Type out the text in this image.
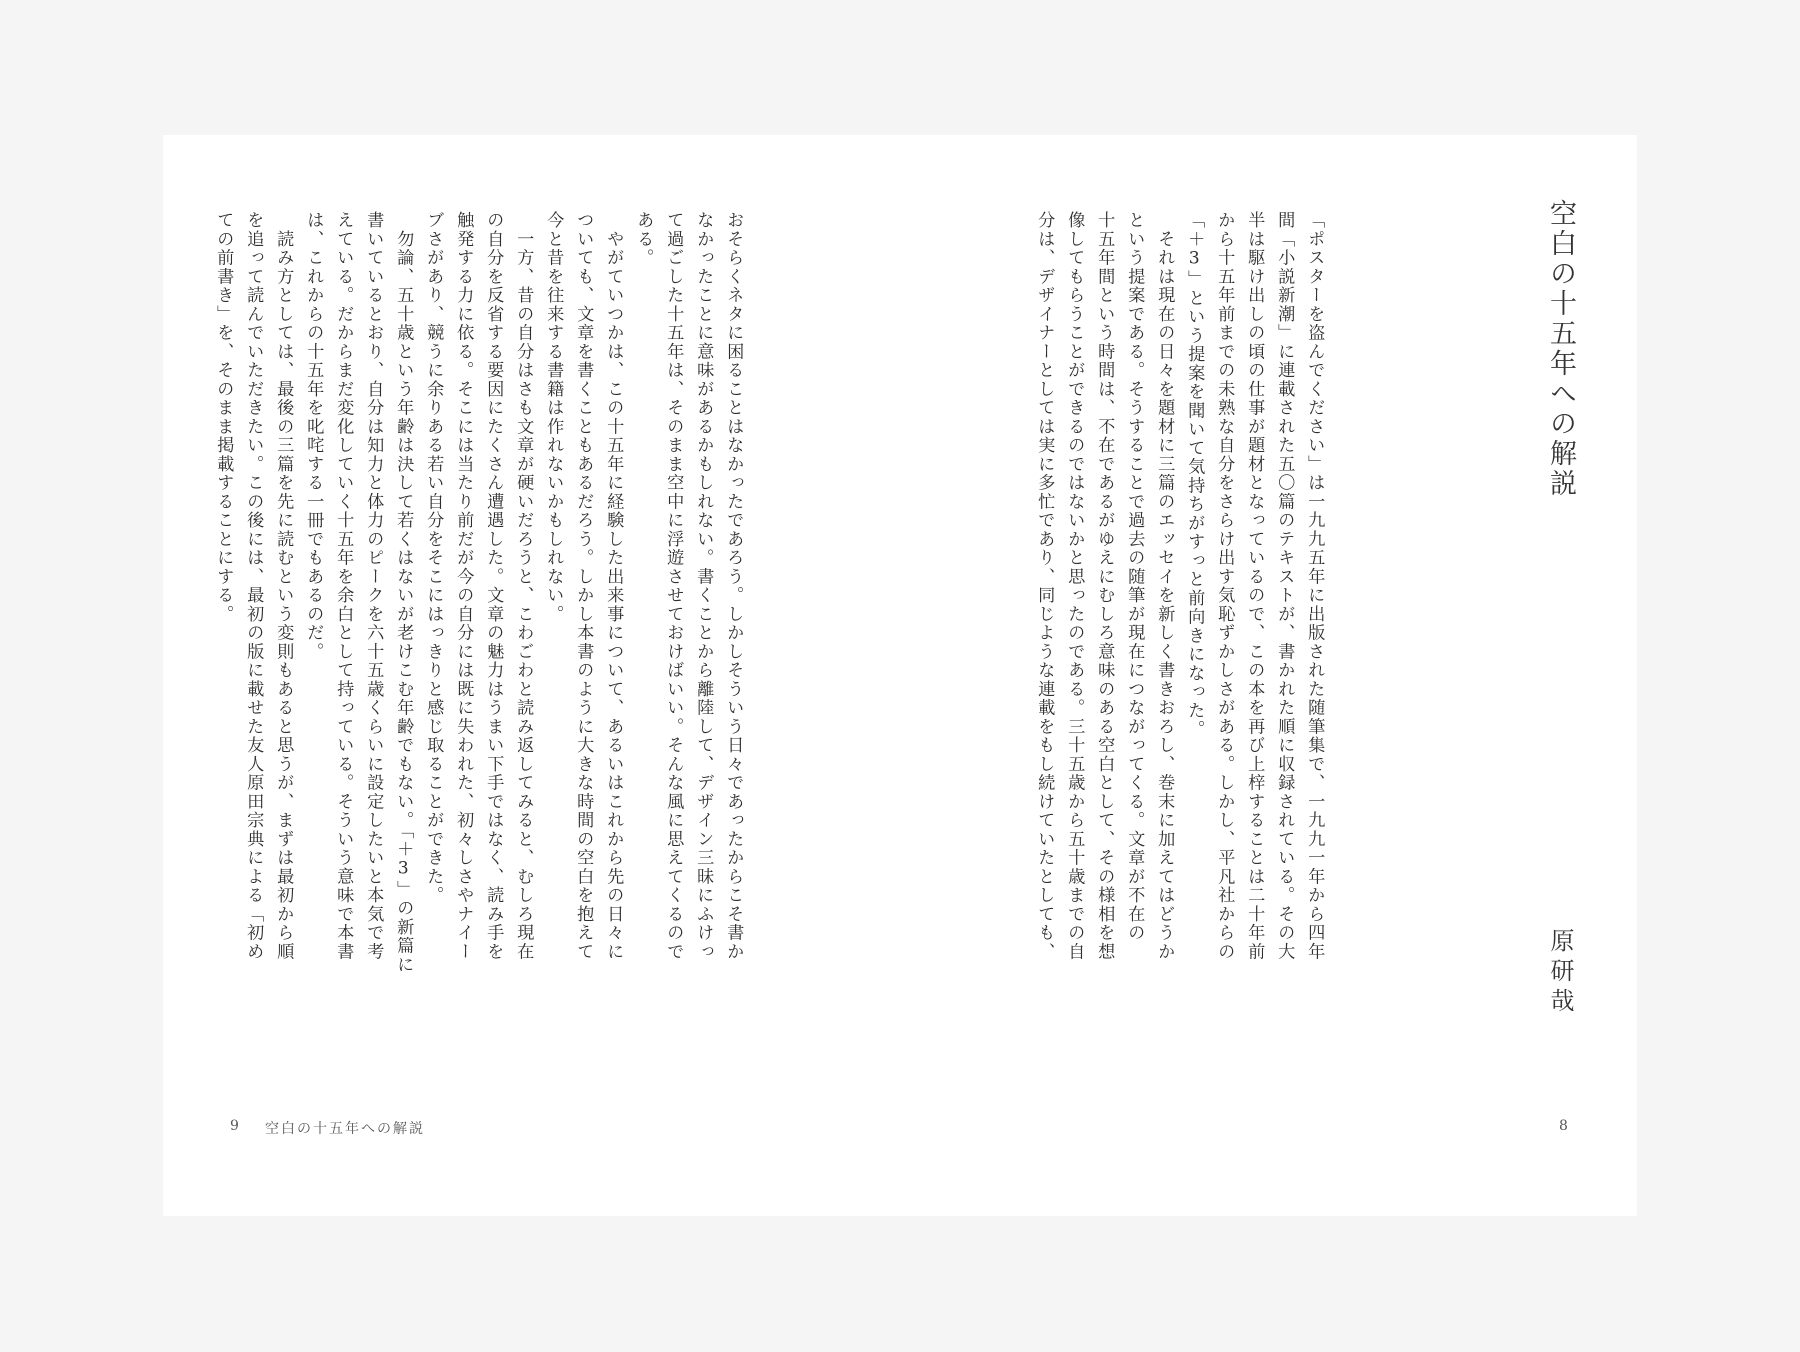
空白の十五年への解説
原研哉
「ポスターを盗んでください」は一九九五年に出版された随筆集で、一九九一年から四年
間「小説新潮」に連載された五〇篇のテキストが、書かれた順に収録されている。その大
半は駆け出しの頃の仕事が題材となっているので、この本を再び上梓することは二十年前
から十五年前までの未熟な自分をさらけ出す気恥ずかしさがある。しかし、平凡社からの
「＋3」という提案を聞いて気持ちがすっと前向きになった。
　それは現在の日々を題材に三篇のエッセイを新しく書きおろし、巻末に加えてはどうか
という提案である。そうすることで過去の随筆が現在につながってくる。文章が不在の
十五年間という時間は、不在であるがゆえにむしろ意味のある空白として、その様相を想
像してもらうことができるのではないかと思ったのである。三十五歳から五十歳までの自
分は、デザイナーとしては実に多忙であり、同じような連載をもし続けていたとしても、
8
おそらくネタに困ることはなかったであろう。しかしそういう日々であったからこそ書か
なかったことに意味があるかもしれない。書くことから離陸して、デザイン三昧にふけっ
て過ごした十五年は、そのまま空中に浮遊させておけばいい。そんな風に思えてくるので
ある。
　やがていつかは、この十五年に経験した出来事について、あるいはこれから先の日々に
ついても、文章を書くこともあるだろう。しかし本書のように大きな時間の空白を抱えて
今と昔を往来する書籍は作れないかもしれない。
　一方、昔の自分はさも文章が硬いだろうと、こわごわと読み返してみると、むしろ現在
の自分を反省する要因にたくさん遭遇した。文章の魅力はうまい下手ではなく、読み手を
触発する力に依る。そこには当たり前だが今の自分には既に失われた、初々しさやナイー
ブさがあり、競うに余りある若い自分をそこにはっきりと感じ取ることができた。
　勿論、五十歳という年齢は決して若くはないが老けこむ年齢でもない。「＋3」の新篇に
書いているとおり、自分は知力と体力のピークを六十五歳くらいに設定したいと本気で考
えている。だからまだ変化していく十五年を余白として持っている。そういう意味で本書
は、これからの十五年を叱咤する一冊でもあるのだ。
　読み方としては、最後の三篇を先に読むという変則もあると思うが、まずは最初から順
を追って読んでいただきたい。この後には、最初の版に載せた友人原田宗典による「初め
ての前書き」を、そのまま掲載することにする。
9 空白の十五年への解説
